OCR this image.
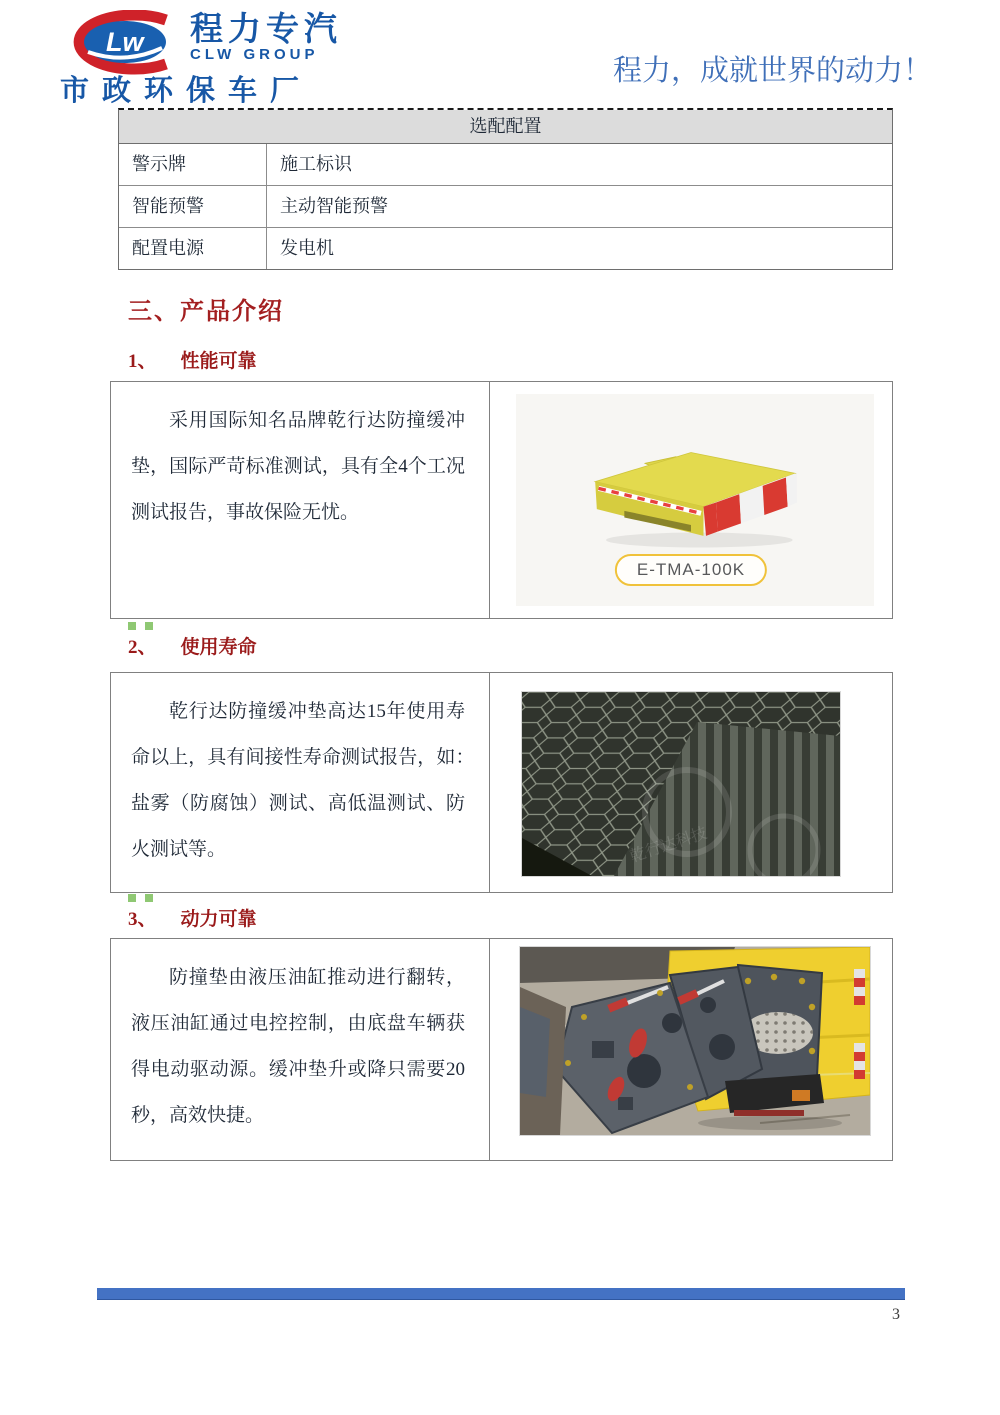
Lw 程力专汽
CLW GROUP
市政环保车厂
程力，成就世界的动力！
选配配置
警示牌	施工标识
智能预警	主动智能预警
配置电源	发电机
三、产品介绍
1、 性能可靠
采用国际知名品牌乾行达防撞缓冲垫，国际严苛标准测试，具有全4个工况测试报告，事故保险无忧。
E-TMA-100K
2、 使用寿命
乾行达防撞缓冲垫高达15年使用寿命以上，具有间接性寿命测试报告，如：　盐雾（防腐蚀）测试、高低温测试、防火测试等。	乾行达科技
3、 动力可靠
防撞垫由液压油缸推动进行翻转，液压油缸通过电控控制，由底盘车辆获得电动驱动源。缓冲垫升或降只需要20秒，高效快捷。
3
